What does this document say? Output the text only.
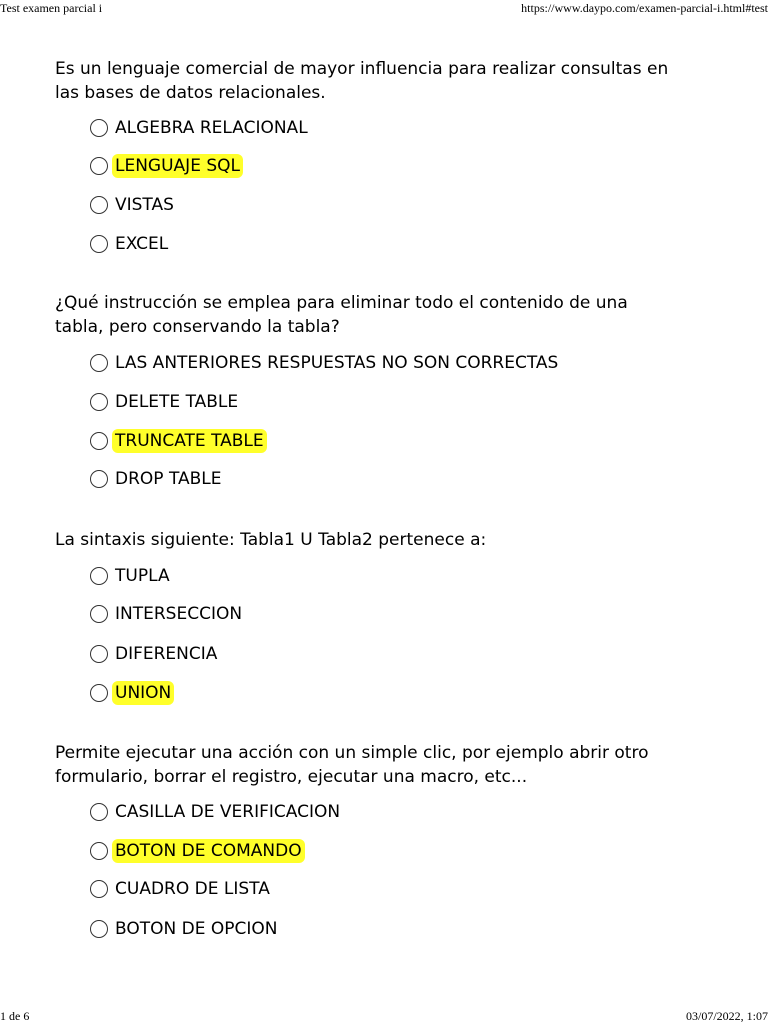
Test examen parcial i	https://www.daypo.com/examen-parcial-i.html#test

Es un lenguaje comercial de mayor influencia para realizar consultas en
las bases de datos relacionales.

ALGEBRA RELACIONAL
LENGUAJE SQL
VISTAS
EXCEL

¿Qué instrucción se emplea para eliminar todo el contenido de una
tabla, pero conservando la tabla?

LAS ANTERIORES RESPUESTAS NO SON CORRECTAS
DELETE TABLE
TRUNCATE TABLE
DROP TABLE

La sintaxis siguiente: Tabla1 U Tabla2 pertenece a:

TUPLA
INTERSECCION
DIFERENCIA
UNION

Permite ejecutar una acción con un simple clic, por ejemplo abrir otro
formulario, borrar el registro, ejecutar una macro, etc...

CASILLA DE VERIFICACION
BOTON DE COMANDO
CUADRO DE LISTA
BOTON DE OPCION
1 de 6	03/07/2022, 1:07
